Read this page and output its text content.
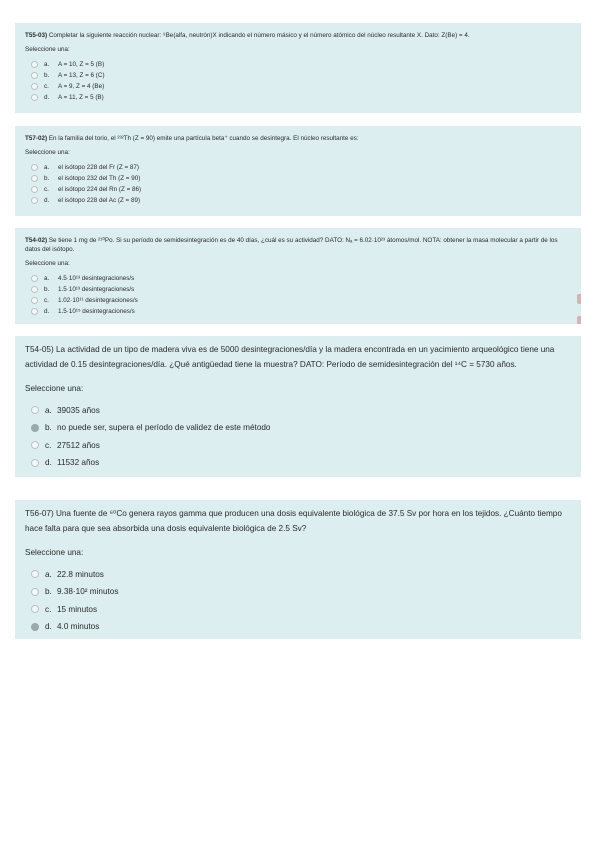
T55-03) Completar la siguiente reacción nuclear: ⁹Be(alfa, neutrón)X indicando el número másico y el número atómico del núcleo resultante X. Dato: Z(Be) = 4.
Seleccione una:
a.	A = 10, Z = 5 (B)
b.	A = 13, Z = 6 (C)
c.	A = 9, Z = 4 (Be)
d.	A = 11, Z = 5 (B)
T57-02) En la familia del torio, el ²³²Th (Z = 90) emite una partícula beta⁺ cuando se desintegra. El núcleo resultante es:
Seleccione una:
a.	el isótopo 228 del Fr (Z = 87)
b.	el isótopo 232 del Th (Z = 90)
c.	el isótopo 224 del Rn (Z = 86)
d.	el isótopo 228 del Ac (Z = 89)
T54-02) Se tiene 1 mg de ²¹⁰Po. Si su período de semidesintegración es de 40 días, ¿cuál es su actividad? DATO: Nₐ = 6.02·10²³ átomos/mol. NOTA: obtener la masa molecular a partir de los datos del isótopo.
Seleccione una:
a.	4.5·10¹³ desintegraciones/s
b.	1.5·10¹³ desintegraciones/s
c.	1.02·10¹¹ desintegraciones/s
d.	1.5·10¹⁵ desintegraciones/s
T54-05) La actividad de un tipo de madera viva es de 5000 desintegraciones/día y la madera encontrada en un yacimiento arqueológico tiene una actividad de 0.15 desintegraciones/día. ¿Qué antigüedad tiene la muestra? DATO: Período de semidesintegración del ¹⁴C = 5730 años.
Seleccione una:
a. 39035 años
b. no puede ser, supera el período de validez de este método
c. 27512 años
d. 11532 años
T56-07) Una fuente de ⁶⁰Co genera rayos gamma que producen una dosis equivalente biológica de 37.5 Sv por hora en los tejidos. ¿Cuánto tiempo hace falta para que sea absorbida una dosis equivalente biológica de 2.5 Sv?
Seleccione una:
a. 22.8 minutos
b. 9.38·10² minutos
c. 15 minutos
d. 4.0 minutos
